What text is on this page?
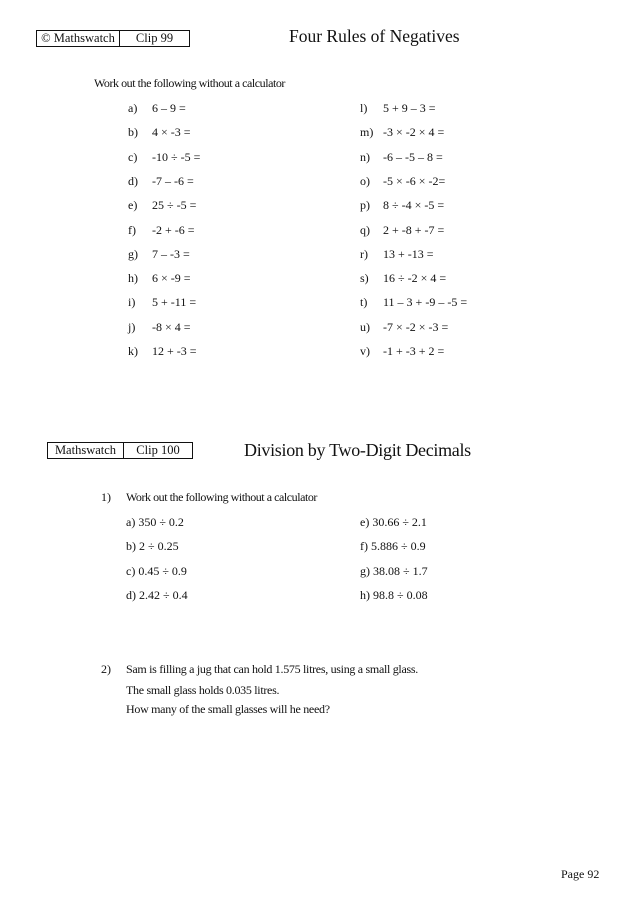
© Mathswatch	Clip 99	Four Rules of Negatives
Work out the following without a calculator
a) 6 – 9 =
b) 4 × -3 =
c) -10 ÷ -5 =
d) -7 – -6 =
e) 25 ÷ -5 =
f) -2 + -6 =
g) 7 – -3 =
h) 6 × -9 =
i) 5 + -11 =
j) -8 × 4 =
k) 12 + -3 =
l) 5 + 9 – 3 =
m) -3 × -2 × 4 =
n) -6 – -5 – 8 =
o) -5 × -6 × -2=
p) 8 ÷ -4 × -5 =
q) 2 + -8 + -7 =
r) 13 + -13 =
s) 16 ÷ -2 × 4 =
t) 11 – 3 + -9 – -5 =
u) -7 × -2 × -3 =
v) -1 + -3 + 2 =
Mathswatch	Clip 100	Division by Two-Digit Decimals
1) Work out the following without a calculator
a) 350 ÷ 0.2
b) 2 ÷ 0.25
c) 0.45 ÷ 0.9
d) 2.42 ÷ 0.4
e) 30.66 ÷ 2.1
f) 5.886 ÷ 0.9
g) 38.08 ÷ 1.7
h) 98.8 ÷ 0.08
2) Sam is filling a jug that can hold 1.575 litres, using a small glass.
The small glass holds 0.035 litres.
How many of the small glasses will he need?
Page 92
